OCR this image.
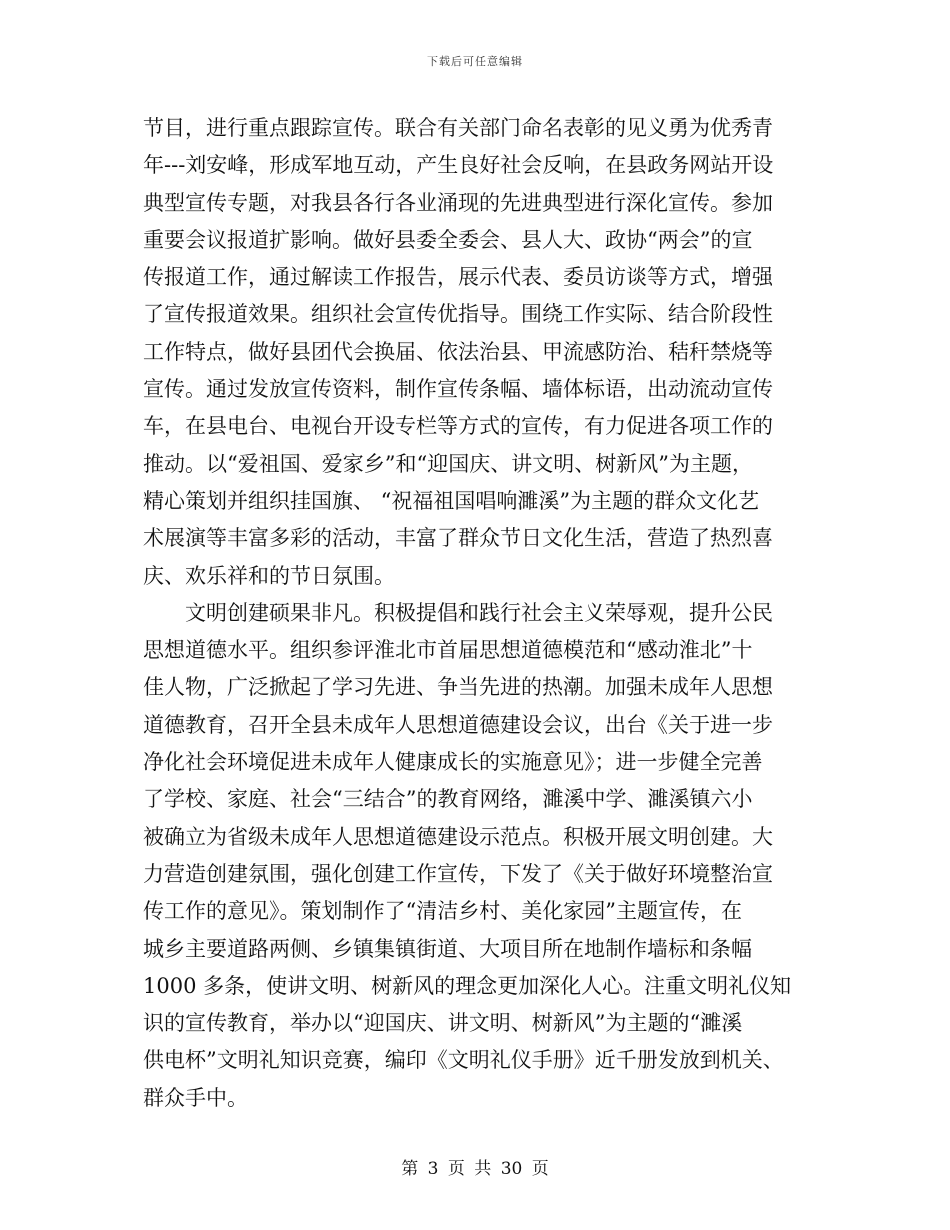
下载后可任意编辑
节目，进行重点跟踪宣传。联合有关部门命名表彰的见义勇为优秀青
年---刘安峰，形成军地互动，产生良好社会反响，在县政务网站开设
典型宣传专题，对我县各行各业涌现的先进典型进行深化宣传。参加
重要会议报道扩影响。做好县委全委会、县人大、政协“两会”的宣
传报道工作，通过解读工作报告，展示代表、委员访谈等方式，增强
了宣传报道效果。组织社会宣传优指导。围绕工作实际、结合阶段性
工作特点，做好县团代会换届、依法治县、甲流感防治、秸秆禁烧等
宣传。通过发放宣传资料，制作宣传条幅、墙体标语，出动流动宣传
车，在县电台、电视台开设专栏等方式的宣传，有力促进各项工作的
推动。以“爱祖国、爱家乡”和“迎国庆、讲文明、树新风”为主题，
精心策划并组织挂国旗、 “祝福祖国唱响濉溪”为主题的群众文化艺
术展演等丰富多彩的活动，丰富了群众节日文化生活，营造了热烈喜
庆、欢乐祥和的节日氛围。
文明创建硕果非凡。积极提倡和践行社会主义荣辱观，提升公民
思想道德水平。组织参评淮北市首届思想道德模范和“感动淮北”十
佳人物，广泛掀起了学习先进、争当先进的热潮。加强未成年人思想
道德教育，召开全县未成年人思想道德建设会议，出台《关于进一步
净化社会环境促进未成年人健康成长的实施意见》；进一步健全完善
了学校、家庭、社会“三结合”的教育网络，濉溪中学、濉溪镇六小
被确立为省级未成年人思想道德建设示范点。积极开展文明创建。大
力营造创建氛围，强化创建工作宣传，下发了《关于做好环境整治宣
传工作的意见》。策划制作了“清洁乡村、美化家园”主题宣传，在
城乡主要道路两侧、乡镇集镇街道、大项目所在地制作墙标和条幅
1000 多条，使讲文明、树新风的理念更加深化人心。注重文明礼仪知
识的宣传教育，举办以“迎国庆、讲文明、树新风”为主题的“濉溪
供电杯”文明礼知识竞赛，编印《文明礼仪手册》近千册发放到机关、
群众手中。
第 3 页 共 30 页
